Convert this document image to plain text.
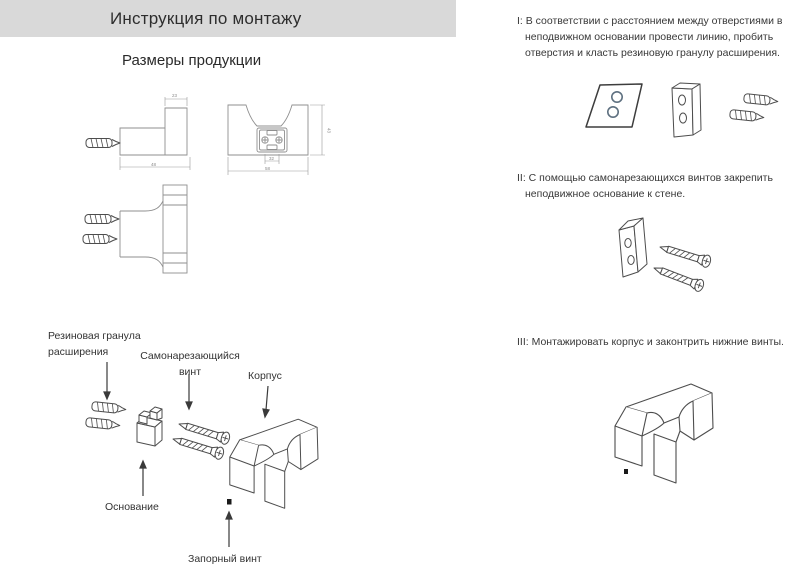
Инструкция по монтажу
Размеры продукции
23
48
43
32
58
Резиновая гранула расширения	Самонарезающийся винт	Корпус
Основание
Запорный винт
I: В соответствии с расстоянием между отверстиями в неподвижном основании провести линию, пробить отверстия и класть резиновую гранулу расширения.
II: С помощью самонарезающихся винтов закрепить неподвижное основание к стене.
III: Монтажировать корпус и законтрить нижние винты.
